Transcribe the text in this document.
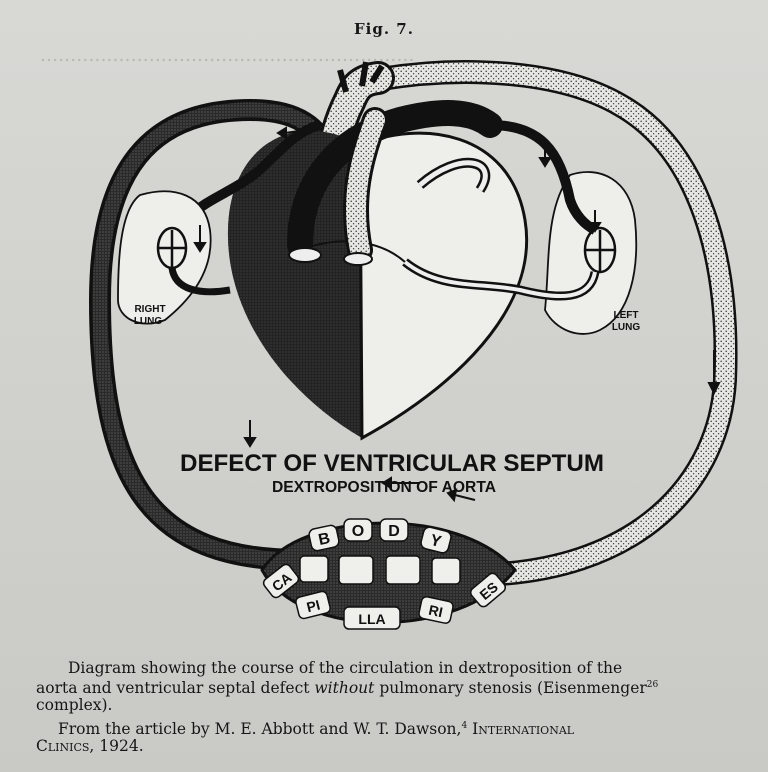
..............................................................
Fig. 7.
B O D
Y
CA
PI
LLA	RI
ES
RIGHT
LUNG
LEFT
LUNG
DEFECT OF VENTRICULAR SEPTUM
DEXTROPOSITION OF AORTA
Diagram showing the course of the circulation in dextroposition of the
aorta and ventricular septal defect without pulmonary stenosis (Eisenmenger$^{26}$
complex).
From the article by M. E. Abbott and W. T. Dawson,$^4$ International
Clinics, 1924.
